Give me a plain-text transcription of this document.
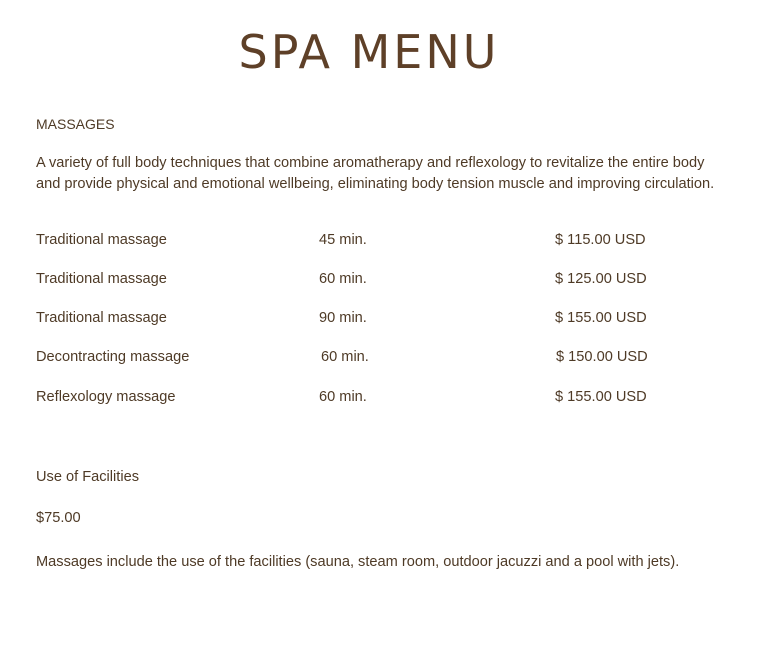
SPA MENU
MASSAGES
A variety of full body techniques that combine aromatherapy and reflexology to revitalize the entire body and provide physical and emotional wellbeing, eliminating body tension muscle and improving circulation.
Traditional massage	45 min.	$ 115.00 USD
Traditional massage	60 min.	$ 125.00 USD
Traditional massage	90 min.	$ 155.00 USD
Decontracting massage	60 min.	$ 150.00 USD
Reflexology massage	60 min.	$ 155.00 USD
Use of Facilities
$75.00
Massages include the use of the facilities (sauna, steam room, outdoor jacuzzi and a pool with jets).
